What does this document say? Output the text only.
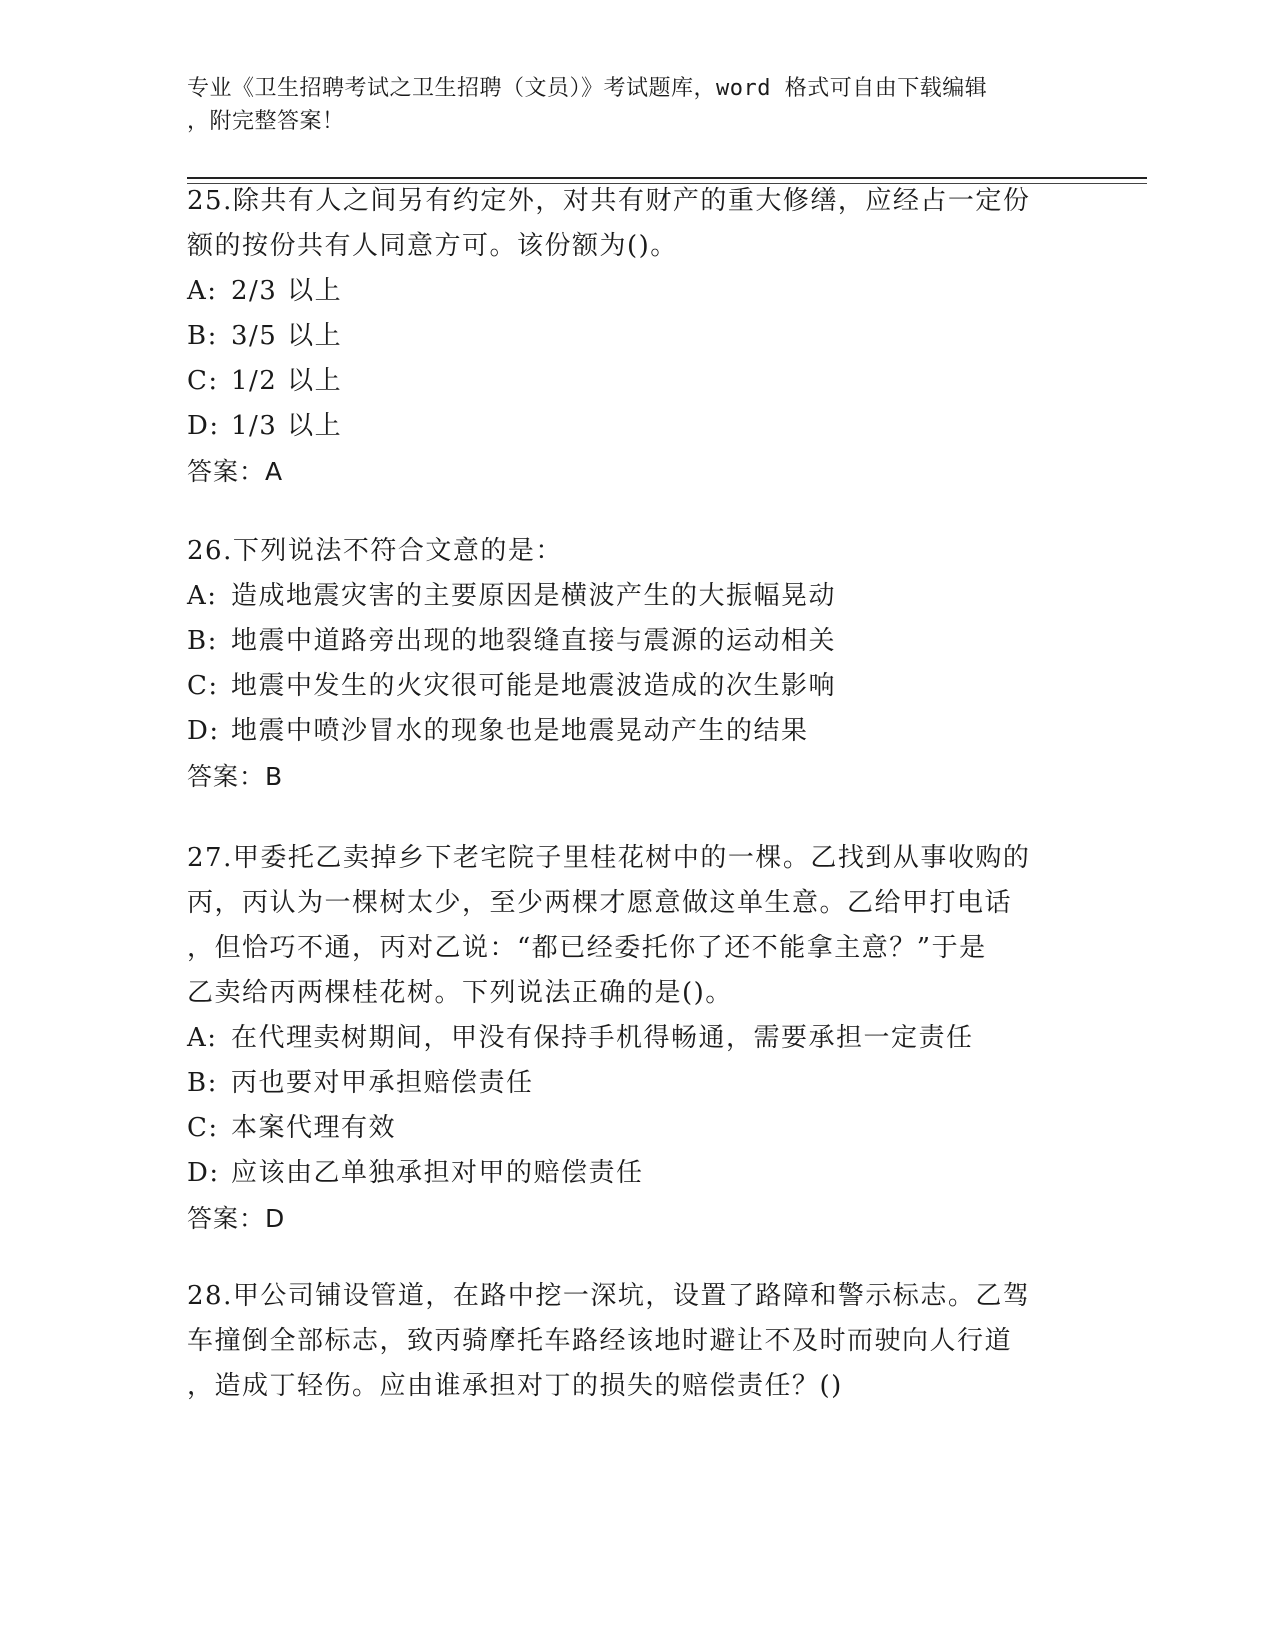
专业《卫生招聘考试之卫生招聘（文员）》考试题库，word 格式可自由下载编辑
，附完整答案！
25.除共有人之间另有约定外，对共有财产的重大修缮，应经占一定份
额的按份共有人同意方可。该份额为()。
A: 2/3 以上
B: 3/5 以上
C: 1/2 以上
D: 1/3 以上
答案：A
26.下列说法不符合文意的是：
A: 造成地震灾害的主要原因是横波产生的大振幅晃动
B: 地震中道路旁出现的地裂缝直接与震源的运动相关
C: 地震中发生的火灾很可能是地震波造成的次生影响
D: 地震中喷沙冒水的现象也是地震晃动产生的结果
答案：B
27.甲委托乙卖掉乡下老宅院子里桂花树中的一棵。乙找到从事收购的
丙，丙认为一棵树太少，至少两棵才愿意做这单生意。乙给甲打电话
，但恰巧不通，丙对乙说：“都已经委托你了还不能拿主意？”于是
乙卖给丙两棵桂花树。下列说法正确的是()。
A: 在代理卖树期间，甲没有保持手机得畅通，需要承担一定责任
B: 丙也要对甲承担赔偿责任
C: 本案代理有效
D: 应该由乙单独承担对甲的赔偿责任
答案：D
28.甲公司铺设管道，在路中挖一深坑，设置了路障和警示标志。乙驾
车撞倒全部标志，致丙骑摩托车路经该地时避让不及时而驶向人行道
，造成丁轻伤。应由谁承担对丁的损失的赔偿责任？()
